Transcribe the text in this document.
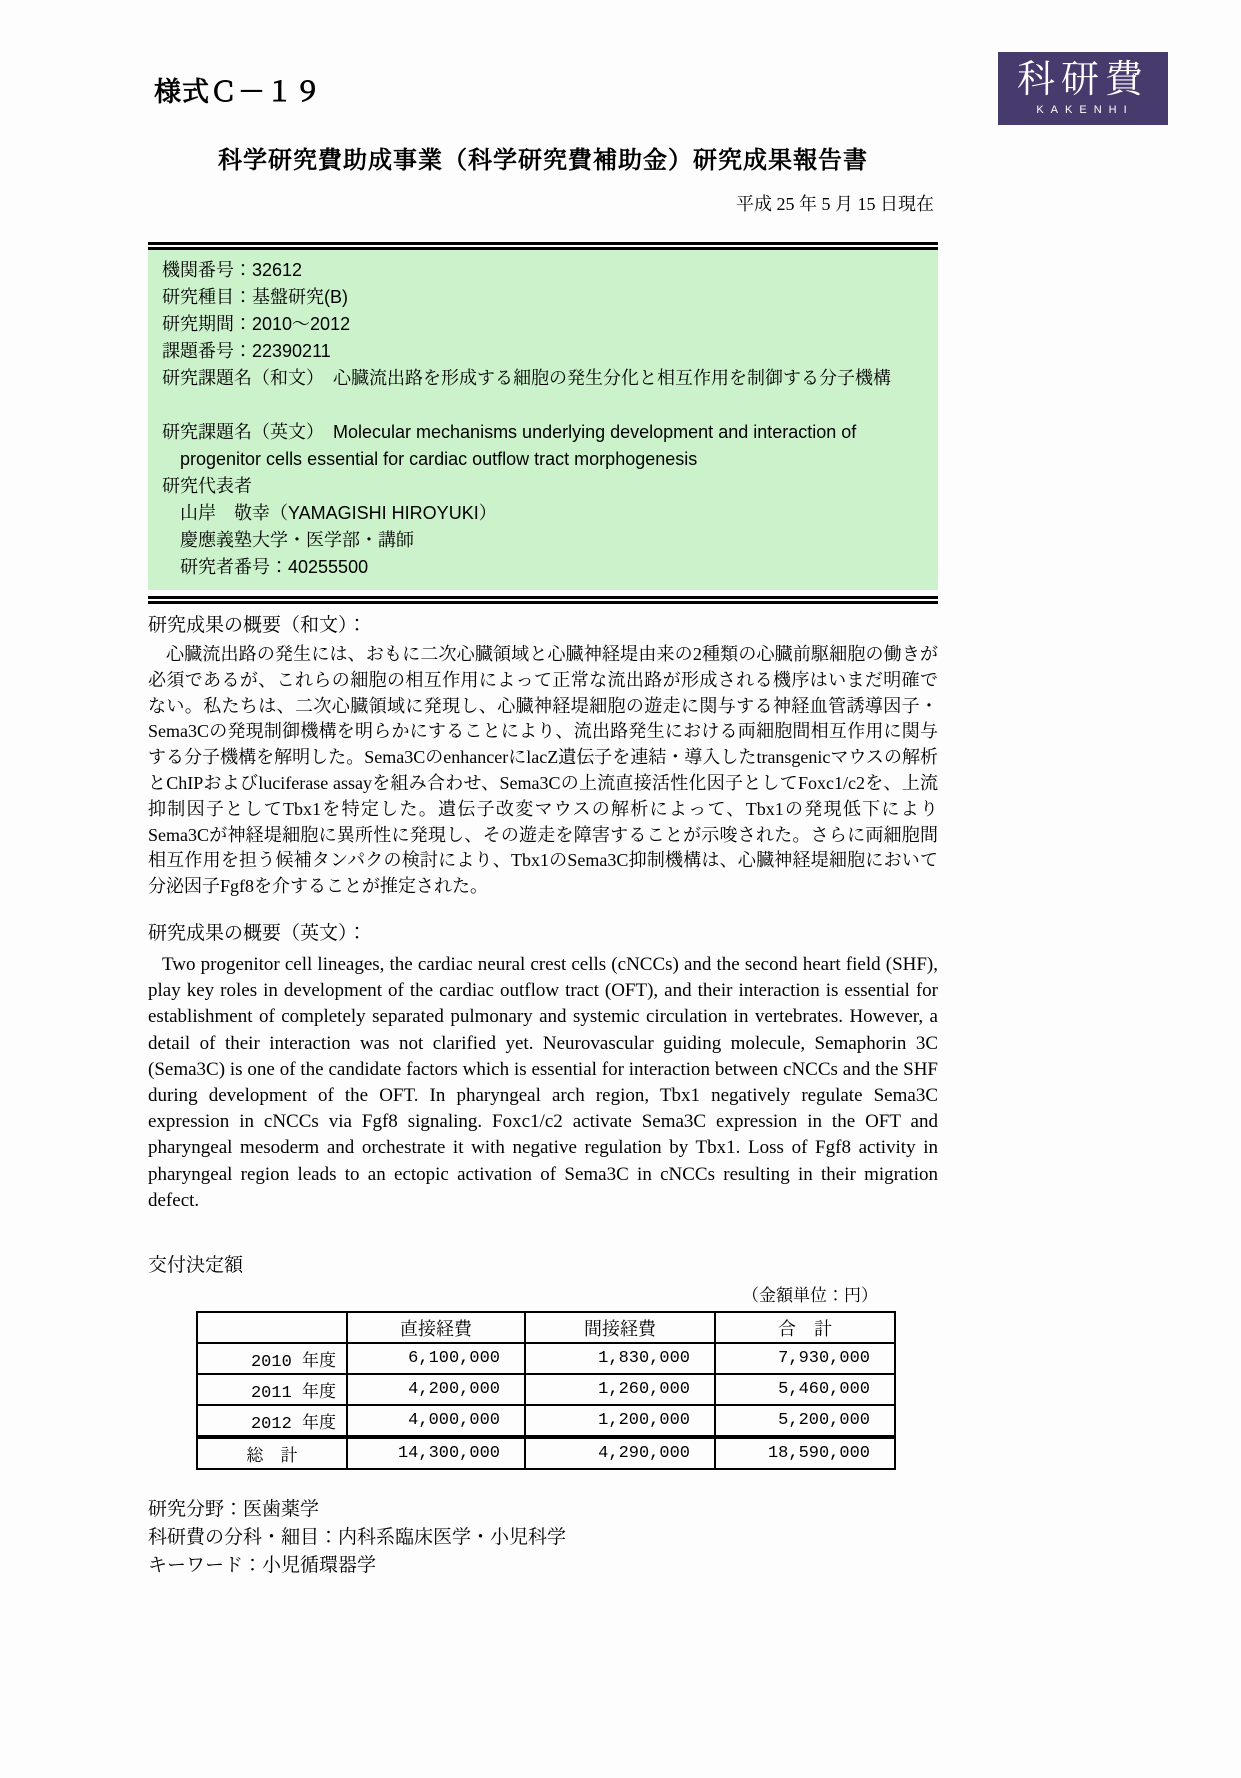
様式Ｃ－１９	科研費
KAKENHI
科学研究費助成事業（科学研究費補助金）研究成果報告書
平成 25 年 5 月 15 日現在
機関番号：32612
研究種目：基盤研究(B)
研究期間：2010～2012
課題番号：22390211
研究課題名（和文）　心臓流出路を形成する細胞の発生分化と相互作用を制御する分子機構
研究課題名（英文）　Molecular mechanisms underlying development and interaction of
　progenitor cells essential for cardiac outflow tract morphogenesis
研究代表者
　山岸　敬幸（YAMAGISHI HIROYUKI）
　慶應義塾大学・医学部・講師
　研究者番号：40255500
研究成果の概要（和文）：

心臓流出路の発生には、おもに二次心臓領域と心臓神経堤由来の2種類の心臓前駆細胞の働きが必須であるが、これらの細胞の相互作用によって正常な流出路が形成される機序はいまだ明確でない。私たちは、二次心臓領域に発現し、心臓神経堤細胞の遊走に関与する神経血管誘導因子・Sema3Cの発現制御機構を明らかにすることにより、流出路発生における両細胞間相互作用に関与する分子機構を解明した。Sema3CのenhancerにlacZ遺伝子を連結・導入したtransgenicマウスの解析とChIPおよびluciferase assayを組み合わせ、Sema3Cの上流直接活性化因子としてFoxc1/c2を、上流抑制因子としてTbx1を特定した。遺伝子改変マウスの解析によって、Tbx1の発現低下によりSema3Cが神経堤細胞に異所性に発現し、その遊走を障害することが示唆された。さらに両細胞間相互作用を担う候補タンパクの検討により、Tbx1のSema3C抑制機構は、心臓神経堤細胞において分泌因子Fgf8を介することが推定された。

研究成果の概要（英文）：

Two progenitor cell lineages, the cardiac neural crest cells (cNCCs) and the second heart field (SHF), play key roles in development of the cardiac outflow tract (OFT), and their interaction is essential for establishment of completely separated pulmonary and systemic circulation in vertebrates. However, a detail of their interaction was not clarified yet. Neurovascular guiding molecule, Semaphorin 3C (Sema3C) is one of the candidate factors which is essential for interaction between cNCCs and the SHF during development of the OFT. In pharyngeal arch region, Tbx1 negatively regulate Sema3C expression in cNCCs via Fgf8 signaling. Foxc1/c2 activate Sema3C expression in the OFT and pharyngeal mesoderm and orchestrate it with negative regulation by Tbx1. Loss of Fgf8 activity in pharyngeal region leads to an ectopic activation of Sema3C in cNCCs resulting in their migration defect.

交付決定額
（金額単位：円）
	直接経費	間接経費	合　計
2010 年度	6,100,000	1,830,000	7,930,000
2011 年度	4,200,000	1,260,000	5,460,000
2012 年度	4,000,000	1,200,000	5,200,000
総　計	14,300,000	4,290,000	18,590,000
研究分野：医歯薬学
科研費の分科・細目：内科系臨床医学・小児科学
キーワード：小児循環器学
